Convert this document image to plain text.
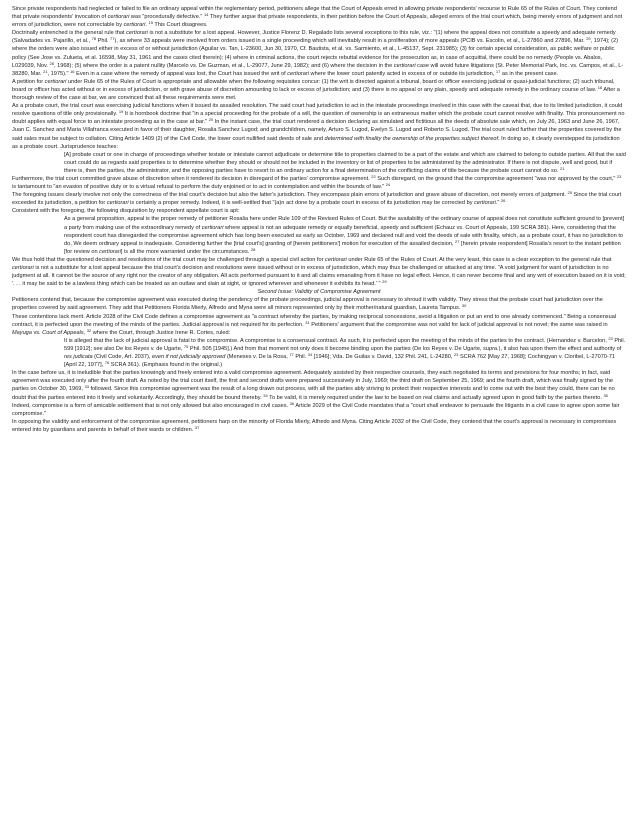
Since private respondents had neglected or failed to file an ordinary appeal within the reglementary period, petitioners allege that the Court of Appeals erred in allowing private respondents' recourse to Rule 65 of the Rules of Court. They contend that private respondents' invocation of certiorari was "procedurally defective." $^{14}$ They further argue that private respondents, in their petition before the Court of Appeals, alleged errors of the trial court which, being merely errors of judgment and not errors of jurisdiction, were not correctable by certiorari. $^{15}$ This Court disagrees.

Doctrinally entrenched is the general rule that certiorari is not a substitute for a lost appeal. However, Justice Florenz D. Regalado lists several exceptions to this rule, viz.: "(1) where the appeal does not constitute a speedy and adequate remedy (Salvadades vs. Pajarillo, et al., $^{78}$ Phil. $^{77}$), as where 33 appeals were involved from orders issued in a single proceeding which will inevitably result in a proliferation of more appeals (PCIB vs. Escolin, et al., L-27860 and 27896, Mar. $^{29}$, 1974); (2) where the orders were also issued either in excess of or without jurisdiction (Aguilar vs. Tan, L-23600, Jun 30, 1970, Cf. Bautista, et al. vs. Sarmiento, et al., L-45137, Sept. 231985); (3) for certain special consideration, as public welfare or public policy (See Jose vs. Zulueta, et al. 16598, May 31, 1961 and the cases cited therein); (4) where in criminal actions, the court rejects rebuttal evidence for the prosecution as, in case of acquittal, there could be no remedy (People vs. Abalos, L029039, Nov. $^{28}$, 1968); (5) where the order is a patent nullity (Marcelo vs. De Guzman, et al., L-29077, June 29, 1982); and (6) where the decision in the certiorari case will avoid future litigations (St. Peter Memorial Park, Inc. vs. Campos, et al., L-38280, Mar. $^{21}$, 1975)." $^{16}$ Even in a case where the remedy of appeal was lost, the Court has issued the writ of certiorari where the lower court patently acted in excess of or outside its jurisdiction, $^{17}$ as in the present case.

A petition for certiorari under Rule 65 of the Rules of Court is appropriate and allowable when the following requisites concur: (1) the writ is directed against a tribunal, board or officer exercising judicial or quasi-judicial functions; (2) such tribunal, board or officer has acted without or in excess of jurisdiction, or with grave abuse of discretion amounting to lack or excess of jurisdiction; and (3) there is no appeal or any plain, speedy and adequate remedy in the ordinary course of law. $^{18}$ After a thorough review of the case at bar, we are convinced that all these requirements were met.

As a probate court, the trial court was exercising judicial functions when it issued its assailed resolution. The said court had jurisdiction to act in the intestate proceedings involved in this case with the caveat that, due to its limited jurisdiction, it could resolve questions of title only provisionally. $^{19}$ It is hornbook doctrine that "in a special proceeding for the probate of a will, the question of ownership is an extraneous matter which the probate court cannot resolve with finality. This pronouncement no doubt applies with equal force to an intestate proceeding as in the case at bar." $^{20}$ In the instant case, the trial court rendered a decision declaring as simulated and fictitious all the deeds of absolute sale which, on July 26, 1963 and June 26, 1967, Juan C. Sanchez and Maria Villafranca executed in favor of their daughter, Rosalia Sanchez Lugod; and grandchildren, namely, Arturo S. Lugod, Evelyn S. Lugod and Roberto S. Lugod. The trial court ruled further that the properties covered by the said sales must be subject to collation. Citing Article 1409 (2) of the Civil Code, the lower court nullified said deeds of sale and determined with finality the ownership of the properties subject thereof. In doing so, it clearly overstepped its jurisdiction as a probate court. Jurisprudence teaches:

[A] probate court or one in charge of proceedings whether testate or intestate cannot adjudicate or determine title to properties claimed to be a part of the estate and which are claimed to belong to outside parties. All that the said court could do as regards said properties is to determine whether they should or should not be included in the inventory or list of properties to be administered by the administrator. If there is not dispute, well and good, but if there is, then the parties, the administrator, and the opposing parties have to resort to an ordinary action for a final determination of the conflicting claims of title because the probate court cannot do so. $^{21}$

Furthermore, the trial court committed grave abuse of discretion when it rendered its decision in disregard of the parties' compromise agreement. $^{22}$ Such disregard, on the ground that the compromise agreement "was nor approved by the court," $^{23}$ is tantamount to "an evasion of positive duty or to a virtual refusal to perform the duty enjoined or to act in contemplation and within the bounds of law." $^{24}$

The foregoing issues clearly involve not only the correctness of the trial court's decision but also the latter's jurisdiction. They encompass plain errors of jurisdiction and grave abuse of discretion, not merely errors of judgment. $^{25}$ Since the trial court exceeded its jurisdiction, a petition for certiorari is certainly a proper remedy. Indeed, it is well-settled that "(a)n act done by a probate court in excess of its jurisdiction may be corrected by certiorari." $^{26}$

Consistent with the foregoing, the following disquisition by respondent appellate court is apt:

As a general proposition, appeal is the proper remedy of petitioner Rosalia here under Rule 109 of the Revised Rules of Court. But the availability of the ordinary course of appeal does not constitute sufficient ground to [prevent] a party from making use of the extraordinary remedy of certiorari where appeal is not an adequate remedy or equally beneficial, speedy and sufficient (Echauz vs. Court of Appeals, 199 SCRA 381). Here, considering that the respondent court has disregarded the compromise agreement which has long been executed as early as October, 1969 and declared null and void the deeds of sale with finality, which, as a probate court, it has no jurisdiction to do, We deem ordinary appeal is inadequate. Considering further the [trial court's] granting of [herein petitioners'] motion for execution of the assailed decision, $^{27}$ [herein private respondent] Rosalia's resort to the instant petition [for review on certiorari] is all the more warranted under the circumstances. $^{28}$

We thus hold that the questioned decision and resolutions of the trial court may be challenged through a special civil action for certiorari under Rule 65 of the Rules of Court. At the very least, this case is a clear exception to the general rule that certiorari is not a substitute for a lost appeal because the trial court's decision and resolutions were issued without or in excess of jurisdiction, which may thus be challenged or attacked at any time. "A void judgment for want of jurisdiction is no judgment at all. It cannot be the source of any right nor the creator of any obligation. All acts performed pursuant to it and all claims emanating from it have no legal effect. Hence, it can never become final and any writ of execution based on it is void; '. . . it may be said to be a lawless thing which can be treated as an outlaw and slain at sight, or ignored wherever and whenever it exhibits its head.' " $^{29}$

Second Issue: Validity of Compromise Agreement

Petitioners contend that, because the compromise agreement was executed during the pendency of the probate proceedings, judicial approval is necessary to shroud it with validity. They stress that the probate court had jurisdiction over the properties covered by said agreement. They add that Petitioners Florida Mierly, Alfredo and Myna were all minors represented only by their mother/natural guardian, Laureta Tampus. $^{30}$

These contentions lack merit. Article 2028 of the Civil Code defines a compromise agreement as "a contract whereby the parties, by making reciprocal concessions, avoid a litigation or put an end to one already commenced." Being a consensual contract, it is perfected upon the meeting of the minds of the parties. Judicial approval is not required for its perfection. $^{31}$ Petitioners' argument that the compromise was not valid for lack of judicial approval is not novel; the same was raised in Mayuga vs. Court of Appeals, $^{32}$ where the Court, through Justice Irene R. Cortes, ruled:

It is alleged that the lack of judicial approval is fatal to the compromise. A compromise is a consensual contract. As such, it is perfected upon the meeting of the minds of the parties to the contract. (Hernandez v. Barcelon, $^{23}$ Phil. 599 [1912]; see also De los Reyes v. de Ugarte, $^{75}$ Phil. 505 [1945].) And from that moment not only does it become binding upon the parties (De los Reyes v. De Ugarte, supra.), it also has upon them the effect and authority of res judicata (Civil Code, Art. 2037), even if not judicially approved (Meneses v. De la Rosa, $^{77}$ Phil. $^{34}$ [1946]; Vda. De Guilas v. David, 132 Phil. 241, L-24280, $^{23}$ SCRA 762 [May 27, 1968]; Cochingyan v. Cloribel, L-27070-71 [April 22, 1977], $^{76}$ SCRA 361). (Emphasis found in the original.)

In the case before us, it is ineludible that the parties knowingly and freely entered into a valid compromise agreement. Adequately assisted by their respective counsels, they each negotiated its terms and provisions for four months; in fact, said agreement was executed only after the fourth draft. As noted by the trial court itself, the first and second drafts were prepared successively in July, 1969; the third draft on September 25, 1969; and the fourth draft, which was finally signed by the parties on October 30, 1969, $^{33}$ followed. Since this compromise agreement was the result of a long drawn out process, with all the parties ably striving to protect their respective interests and to come out with the best they could, there can be no doubt that the parties entered into it freely and voluntarily. Accordingly, they should be bound thereby. $^{34}$ To be valid, it is merely required under the law to be based on real claims and actually agreed upon in good faith by the parties thereto. $^{35}$

Indeed, compromise is a form of amicable settlement that is not only allowed but also encouraged in civil cases. $^{36}$ Article 2029 of the Civil Code mandates that a "court shall endeavor to persuade the litigants in a civil case to agree upon some fair compromise."

In opposing the validity and enforcement of the compromise agreement, petitioners harp on the minority of Florida Mierly, Alfredo and Myna. Citing Article 2032 of the Civil Code, they contend that the court's approval is necessary in compromises entered into by guardians and parents in behalf of their wards or children. $^{37}$
